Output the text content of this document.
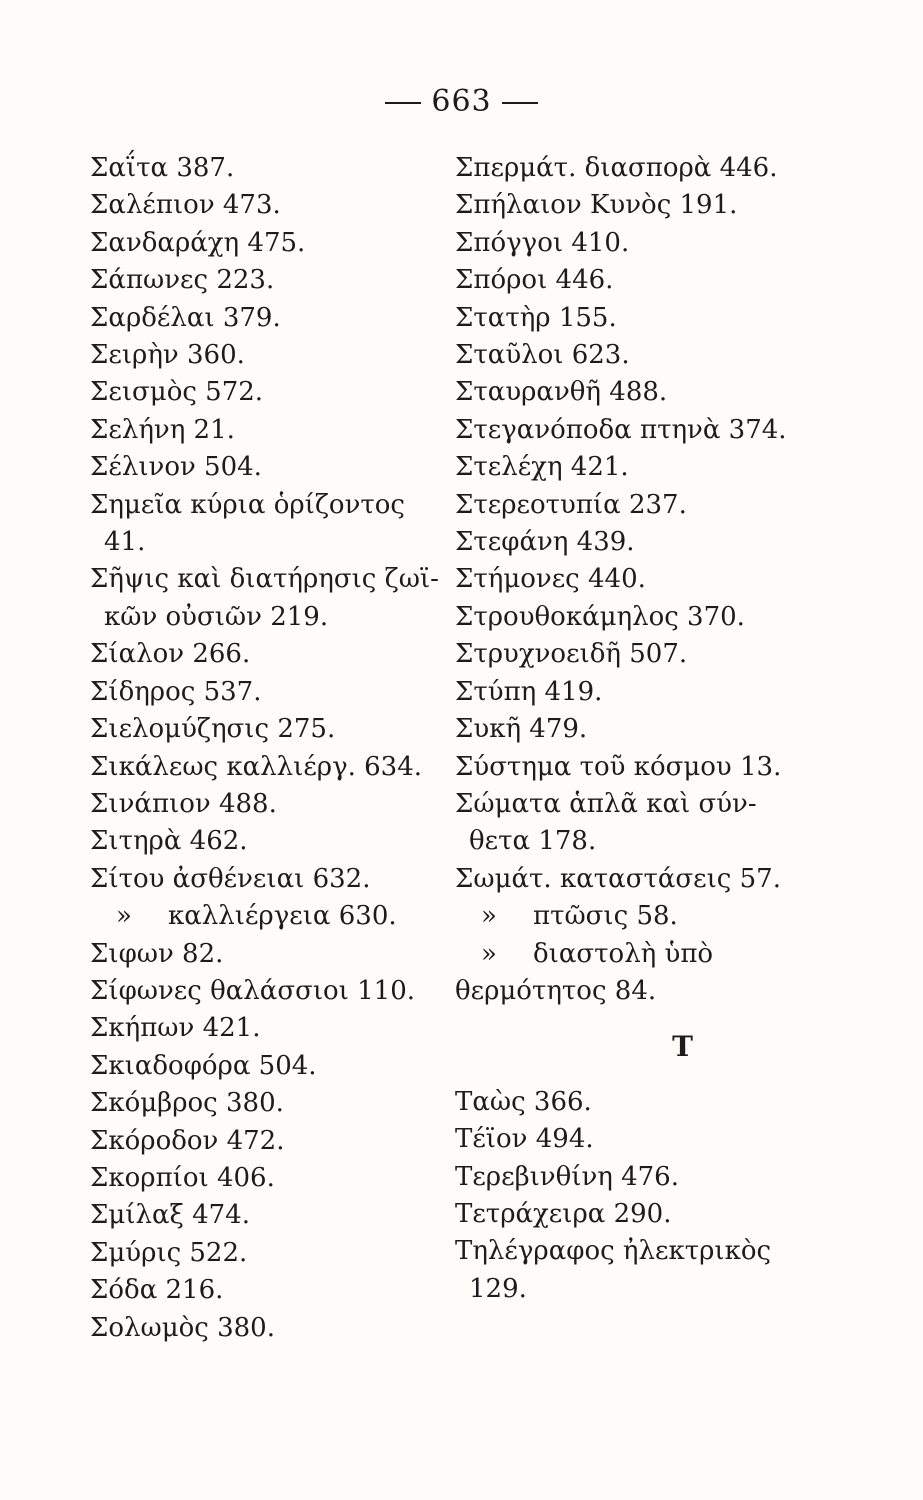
663
Σαΐτα 387.
Σαλέπιον 473.
Σανδαράχη 475.
Σάπωνες 223.
Σαρδέλαι 379.
Σειρὴν 360.
Σεισμὸς 572.
Σελήνη 21.
Σέλινον 504.
Σημεῖα κύρια ὁρίζοντος
41.
Σῆψις καὶ διατήρησις ζωϊ-
κῶν οὐσιῶν 219.
Σίαλον 266.
Σίδηρος 537.
Σιελομύζησις 275.
Σικάλεως καλλιέργ. 634.
Σινάπιον 488.
Σιτηρὰ 462.
Σίτου ἀσθένειαι 632.
» καλλιέργεια 630.
Σιφων 82.
Σίφωνες θαλάσσιοι 110.
Σκήπων 421.
Σκιαδοφόρα 504.
Σκόμβρος 380.
Σκόροδον 472.
Σκορπίοι 406.
Σμίλαξ 474.
Σμύρις 522.
Σόδα 216.
Σολωμὸς 380.
Σπερμάτ. διασπορὰ 446.
Σπήλαιον Κυνὸς 191.
Σπόγγοι 410.
Σπόροι 446.
Στατὴρ 155.
Σταῦλοι 623.
Σταυρανθῆ 488.
Στεγανόποδα πτηνὰ 374.
Στελέχη 421.
Στερεοτυπία 237.
Στεφάνη 439.
Στήμονες 440.
Στρουθοκάμηλος 370.
Στρυχνοειδῆ 507.
Στύπη 419.
Συκῆ 479.
Σύστημα τοῦ κόσμου 13.
Σώματα ἁπλᾶ καὶ σύν-
θετα 178.
Σωμάτ. καταστάσεις 57.
» πτῶσις 58.
» διαστολὴ ὑπὸ
θερμότητος 84.
Τ
Ταὼς 366.
Τέϊον 494.
Τερεβινθίνη 476.
Τετράχειρα 290.
Τηλέγραφος ἠλεκτρικὸς
129.
